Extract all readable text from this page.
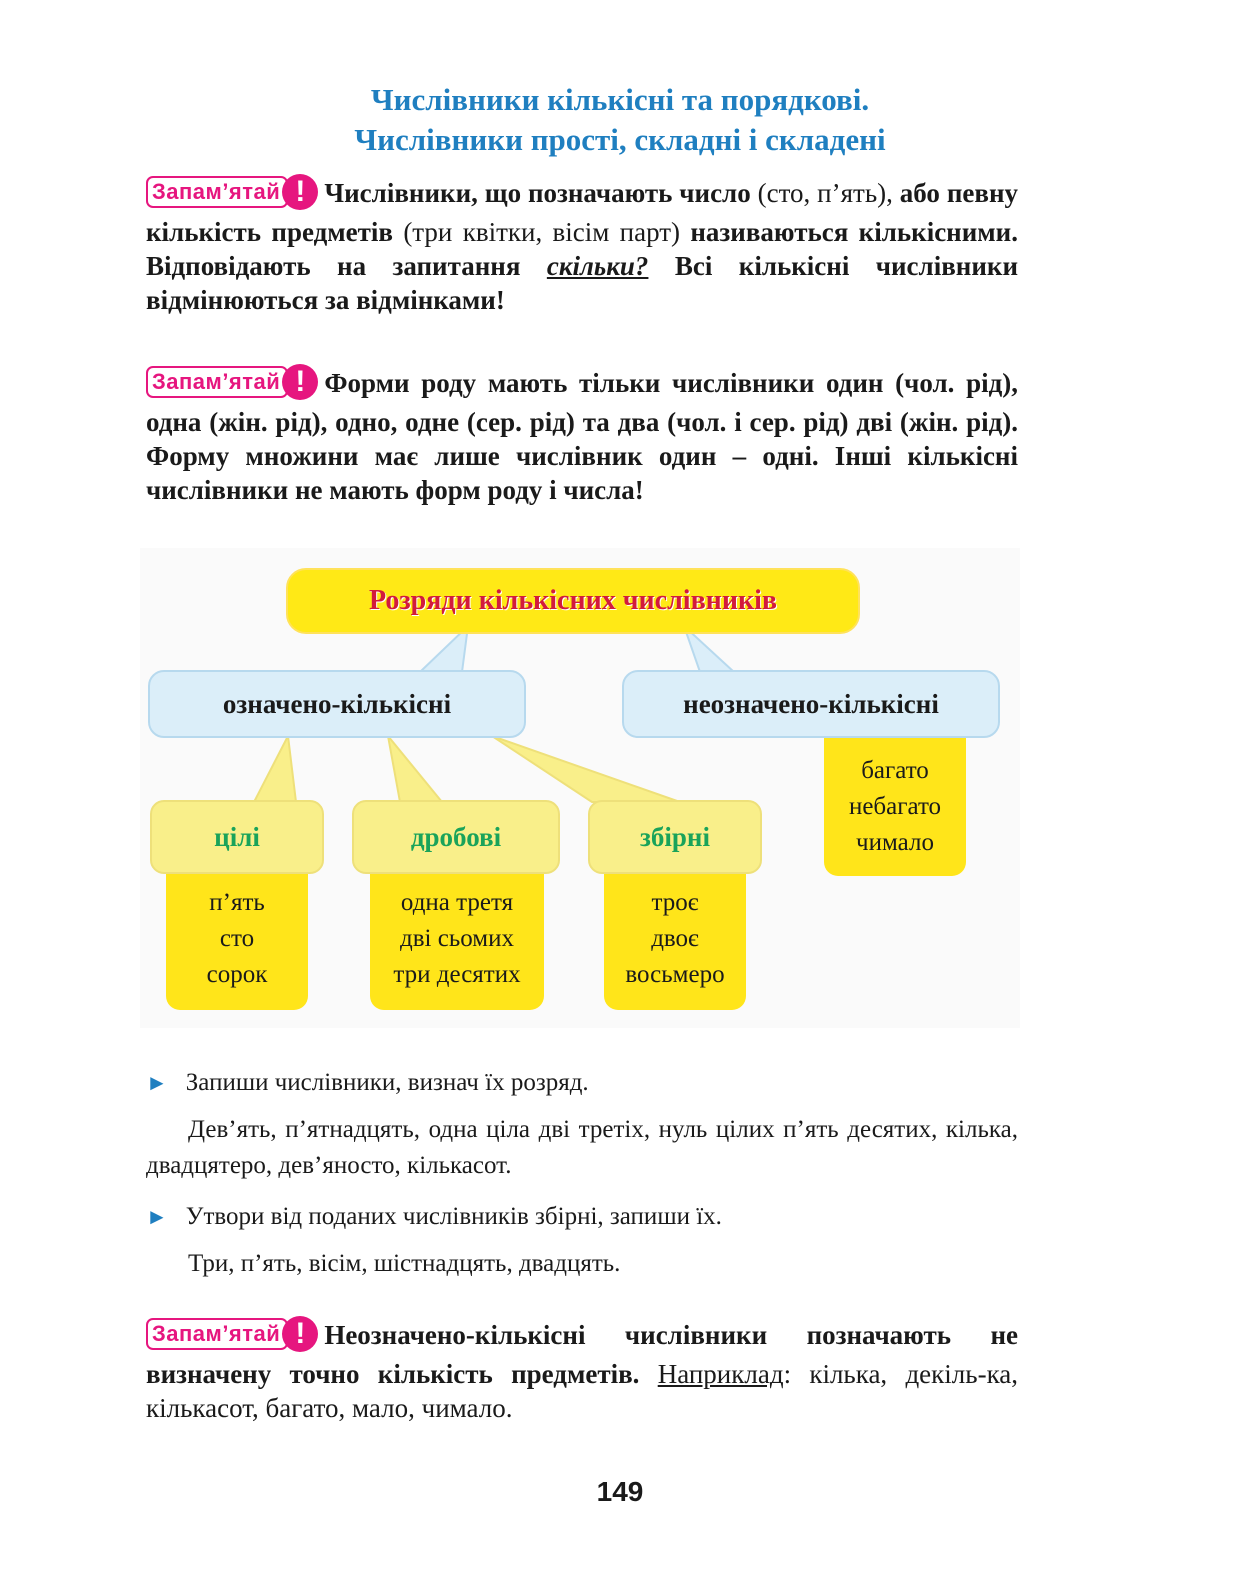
Числівники кількісні та порядкові.
Числівники прості, складні і складені
Запам’ятай ! Числівники, що позначають число (сто, п’ять), або певну кількість предметів (три квітки, вісім парт) називаються кількісними. Відповідають на запитання скільки? Всі кількісні числівники відмінюються за відмінками!
Запам’ятай ! Форми роду мають тільки числівники один (чол. рід), одна (жін. рід), одно, одне (сер. рід) та два (чол. і сер. рід) дві (жін. рід). Форму множини має лише числівник один – одні. Інші кількісні числівники не мають форм роду і числа!
Розряди кількісних числівників
означено-кількісні	неозначено-кількісні
багато
небагато
чимало
цілі
п’ять
сто
сорок
дробові
одна третя
дві сьомих
три десятих
збірні
троє
двоє
восьмеро
► Запиши числівники, визнач їх розряд.
Дев’ять, п’ятнадцять, одна ціла дві третіх, нуль цілих п’ять десятих, кілька, двадцятеро, дев’яносто, кількасот.
► Утвори від поданих числівників збірні, запиши їх.
Три, п’ять, вісім, шістнадцять, двадцять.
Запам’ятай ! Неозначено-кількісні числівники позначають не визначену точно кількість предметів. Наприклад: кілька, декіль-ка, кількасот, багато, мало, чимало.
149
